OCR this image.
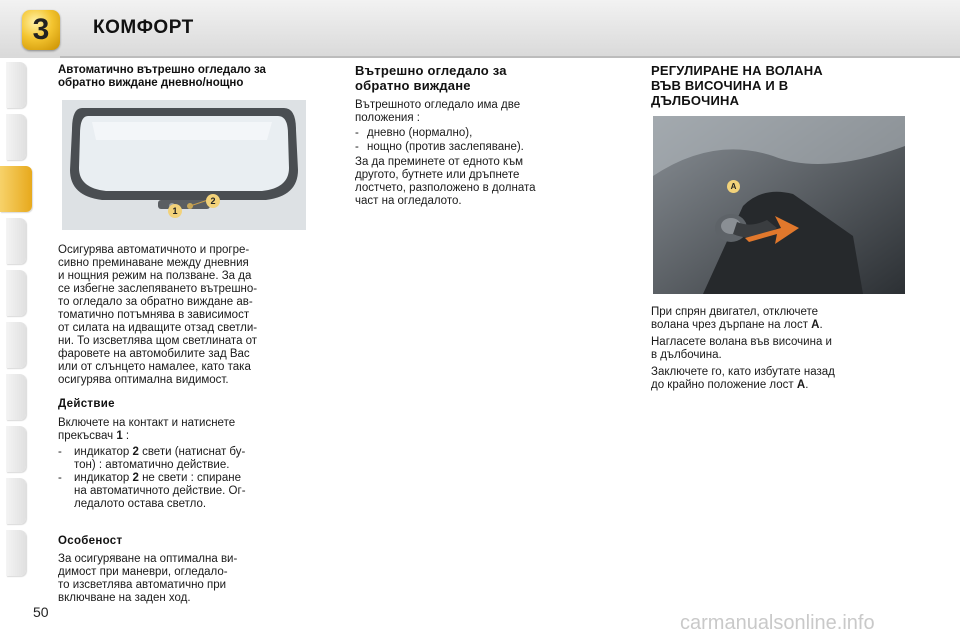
3 КОМФОРТ
Автоматично вътрешно огледало за
обратно виждане дневно/нощно
1
2
Осигурява автоматичното и прогре-
сивно преминаване между дневния
и нощния режим на ползване. За да
се избегне заслепяването вътрешно-
то огледало за обратно виждане ав-
томатично потъмнява в зависимост
от силата на идващите отзад светли-
ни. То изсветлява щом светлината от
фаровете на автомобилите зад Вас
или от слънцето намалее, като така
осигурява оптимална видимост.
Действие
Включете на контакт и натиснете
прекъсвач 1 :
-	индикатор 2 свети (натиснат бу-
тон) : автоматично действие.
-	индикатор 2 не свети : спиране
на автоматичното действие. Ог-
ледалото остава светло.
Особеност
За осигуряване на оптимална ви-
димост при маневри, огледало-
то изсветлява автоматично при
включване на заден ход.
Вътрешно огледало за
обратно виждане
Вътрешното огледало има две
положения :
- дневно (нормално),
- нощно (против заслепяване).
За да преминете от едното към
другото, бутнете или дръпнете
лостчето, разположено в долната
част на огледалото.
РЕГУЛИРАНЕ НА ВОЛАНА
ВЪВ ВИСОЧИНА И В
ДЪЛБОЧИНА
A
При спрян двигател, отключете
волана чрез дърпане на лост A.
Нагласете волана във височина и
в дълбочина.
Заключете го, като избутате назад
до крайно положение лост A.
50	carmanualsonline.info
